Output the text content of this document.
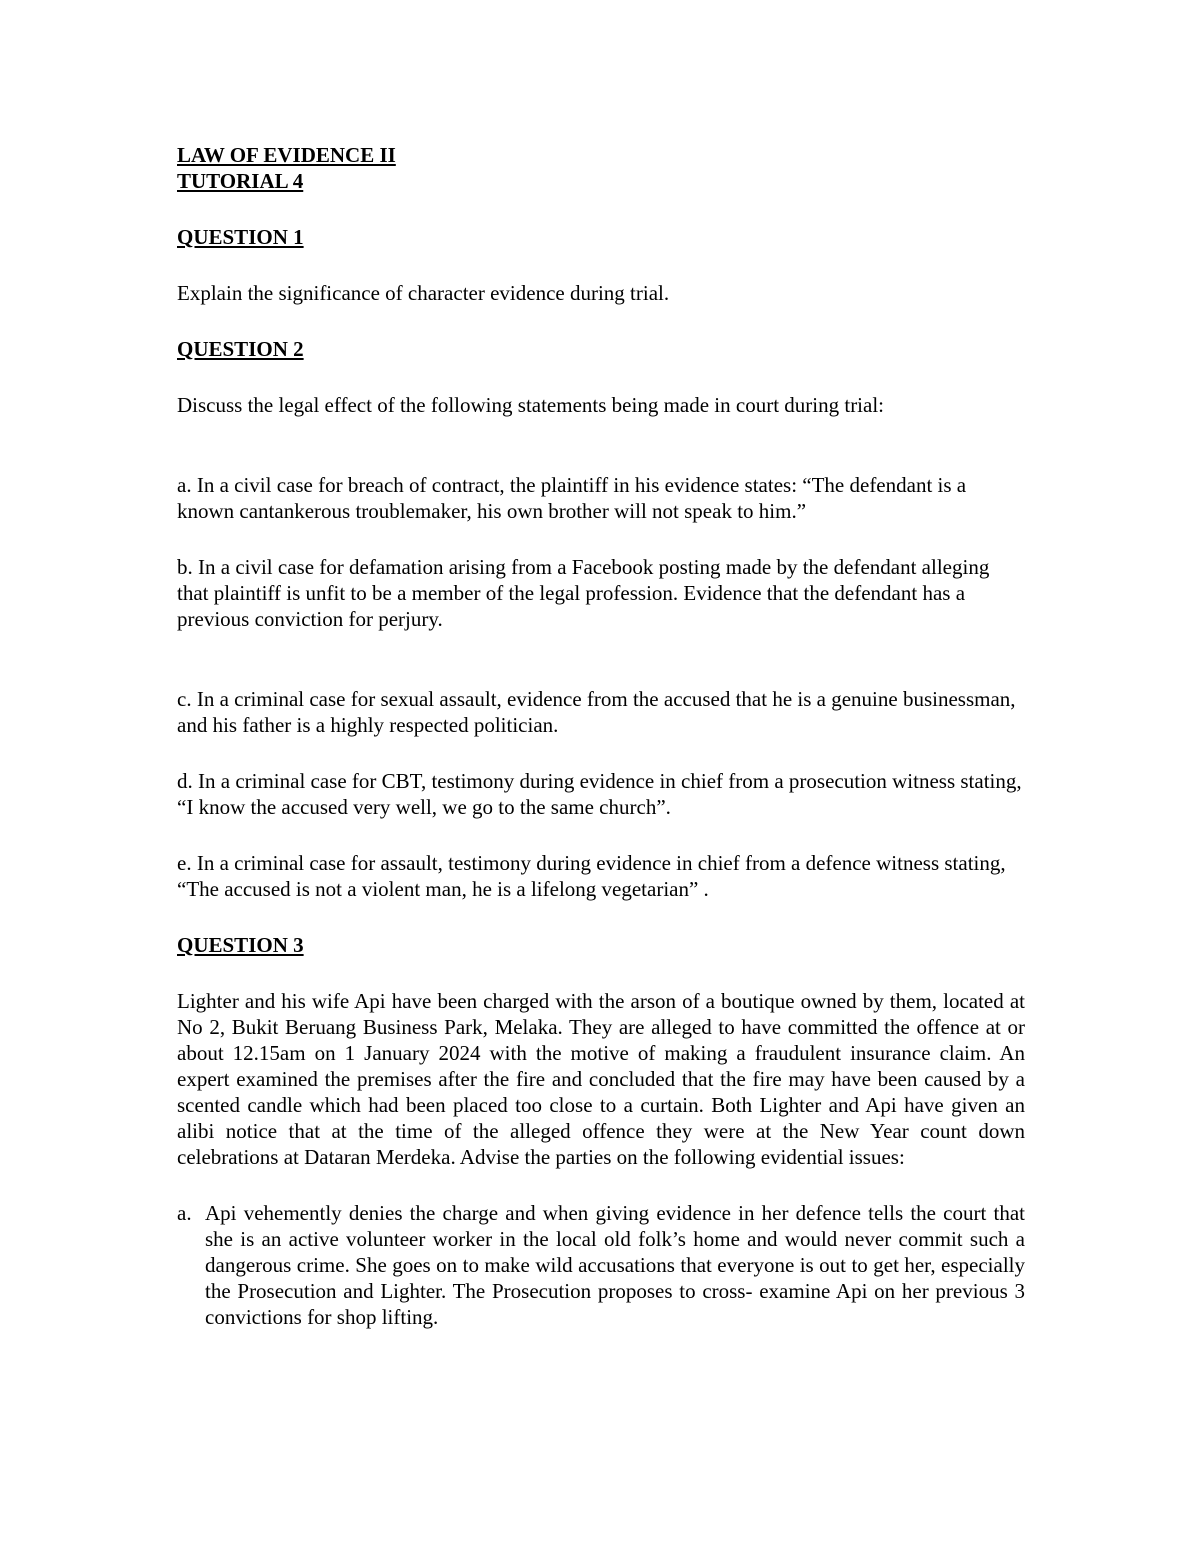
LAW OF EVIDENCE II

TUTORIAL 4

QUESTION 1

Explain the significance of character evidence during trial.

QUESTION 2

Discuss the legal effect of the following statements being made in court during trial:

a. In a civil case for breach of contract, the plaintiff in his evidence states: “The defendant is a known cantankerous troublemaker, his own brother will not speak to him.”

b. In a civil case for defamation arising from a Facebook posting made by the defendant alleging that plaintiff is unfit to be a member of the legal profession. Evidence that the defendant has a previous conviction for perjury.

c. In a criminal case for sexual assault, evidence from the accused that he is a genuine businessman, and his father is a highly respected politician.

d. In a criminal case for CBT, testimony during evidence in chief from a prosecution witness stating, “I know the accused very well, we go to the same church”.

e. In a criminal case for assault, testimony during evidence in chief from a defence witness stating, “The accused is not a violent man, he is a lifelong vegetarian” .

QUESTION 3

Lighter and his wife Api have been charged with the arson of a boutique owned by them, located at No 2, Bukit Beruang Business Park, Melaka. They are alleged to have committed the offence at or about 12.15am on 1 January 2024 with the motive of making a fraudulent insurance claim. An expert examined the premises after the fire and concluded that the fire may have been caused by a scented candle which had been placed too close to a curtain. Both Lighter and Api have given an alibi notice that at the time of the alleged offence they were at the New Year count down celebrations at Dataran Merdeka. Advise the parties on the following evidential issues:

a. Api vehemently denies the charge and when giving evidence in her defence tells the court that she is an active volunteer worker in the local old folk’s home and would never commit such a dangerous crime. She goes on to make wild accusations that everyone is out to get her, especially the Prosecution and Lighter. The Prosecution proposes to cross- examine Api on her previous 3 convictions for shop lifting.
